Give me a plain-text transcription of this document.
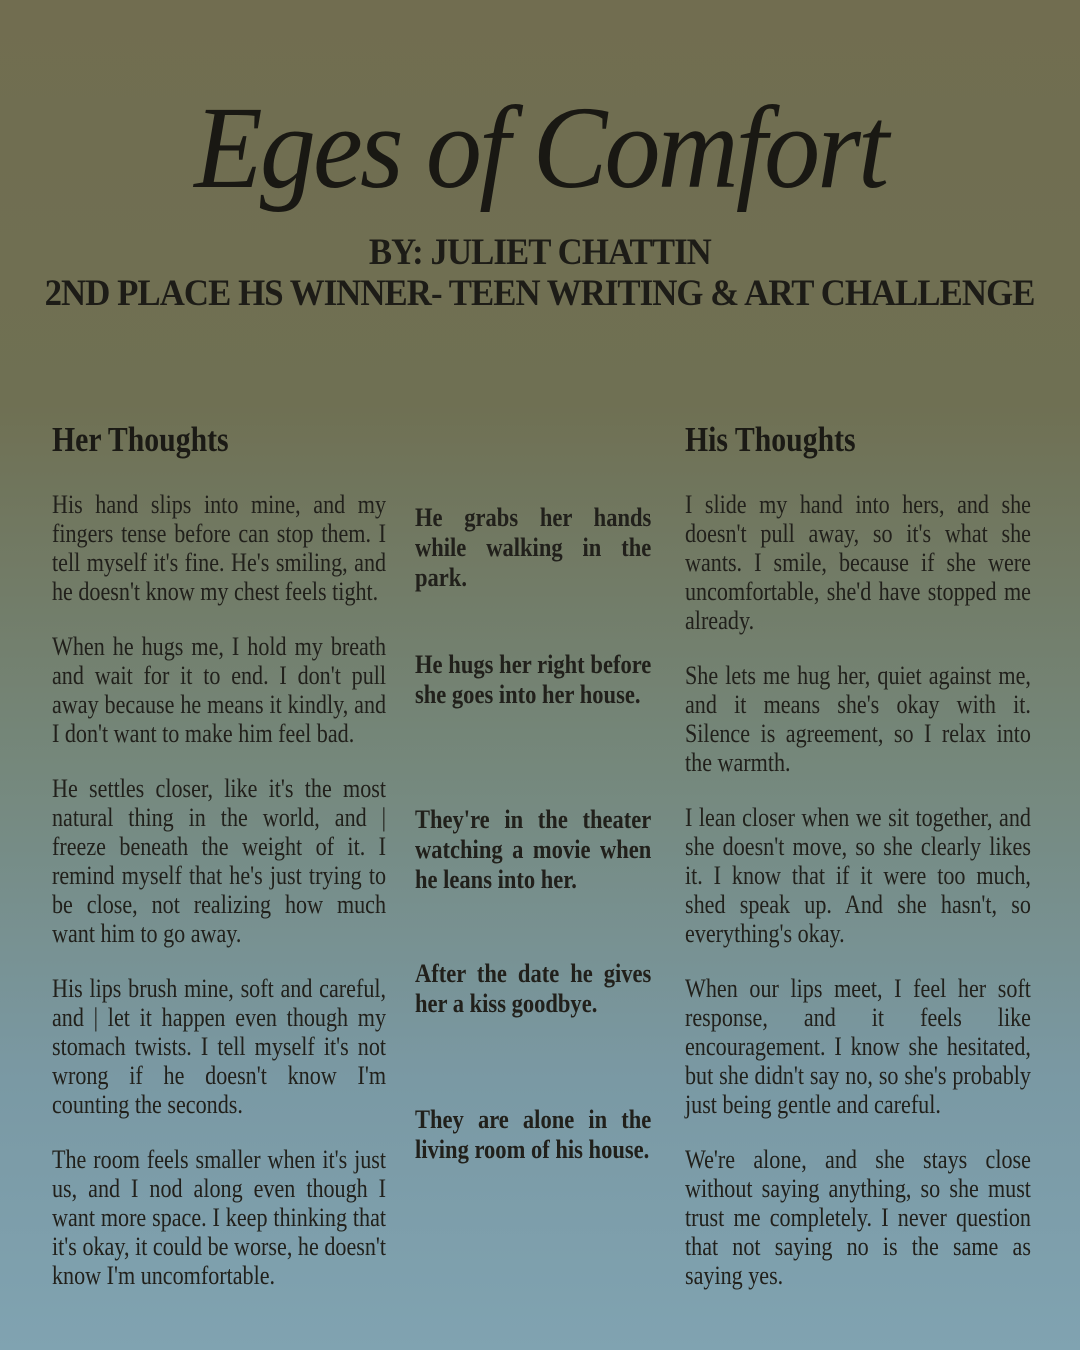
Eges of Comfort
BY: JULIET CHATTIN
2ND PLACE HS WINNER- TEEN WRITING & ART CHALLENGE
Her Thoughts

His hand slips into mine, and my fingers tense before can stop them. I tell myself it's fine. He's smiling, and he doesn't know my chest feels tight.

When he hugs me, I hold my breath and wait for it to end. I don't pull away because he means it kindly, and I don't want to make him feel bad.

He settles closer, like it's the most natural thing in the world, and | freeze beneath the weight of it. I remind myself that he's just trying to be close, not realizing how much want him to go away.

His lips brush mine, soft and careful, and | let it happen even though my stomach twists. I tell myself it's not wrong if he doesn't know I'm counting the seconds.

The room feels smaller when it's just us, and I nod along even though I want more space. I keep thinking that it's okay, it could be worse, he doesn't know I'm uncomfortable.

He grabs her hands while walking in the park.

He hugs her right before she goes into her house.

They're in the theater watching a movie when he leans into her.

After the date he gives her a kiss goodbye.

They are alone in the living room of his house.

His Thoughts

I slide my hand into hers, and she doesn't pull away, so it's what she wants. I smile, because if she were uncomfortable, she'd have stopped me already.

She lets me hug her, quiet against me, and it means she's okay with it. Silence is agreement, so I relax into the warmth.

I lean closer when we sit together, and she doesn't move, so she clearly likes it. I know that if it were too much, shed speak up. And she hasn't, so everything's okay.

When our lips meet, I feel her soft response, and it feels like encouragement. I know she hesitated, but she didn't say no, so she's probably just being gentle and careful.

We're alone, and she stays close without saying anything, so she must trust me completely. I never question that not saying no is the same as saying yes.
